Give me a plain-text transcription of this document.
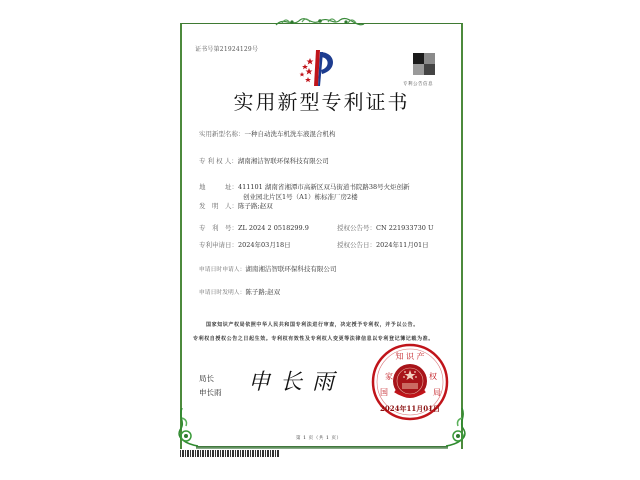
证书号第21924129号
专利公告信息
实用新型专利证书
实用新型名称：一种自动洗车机洗车液混合机构
专 利 权 人：湖南湘洁智联环保科技有限公司
地　　　址：411101 湖南省湘潭市高新区双马街道书院路38号火炬创新
创业园北片区1号（A1）栋标准厂房2楼
发　明　人：陈子路;赵双
专　利　号：ZL 2024 2 0518299.9	授权公告号：CN 221933730 U
专利申请日：2024年03月18日	授权公告日：2024年11月01日
申请日时申请人：湖南湘洁智联环保科技有限公司
申请日时发明人：陈子路;赵双
国家知识产权局依照中华人民共和国专利法进行审查，决定授予专利权，并予以公告。
专利权自授权公告之日起生效。专利权有效性及专利权人变更等法律信息以专利登记簿记载为准。
局长
申长雨 申长雨
知 识 产
家
国
权
局
2024年11月01日
第 1 页（共 1 页）
